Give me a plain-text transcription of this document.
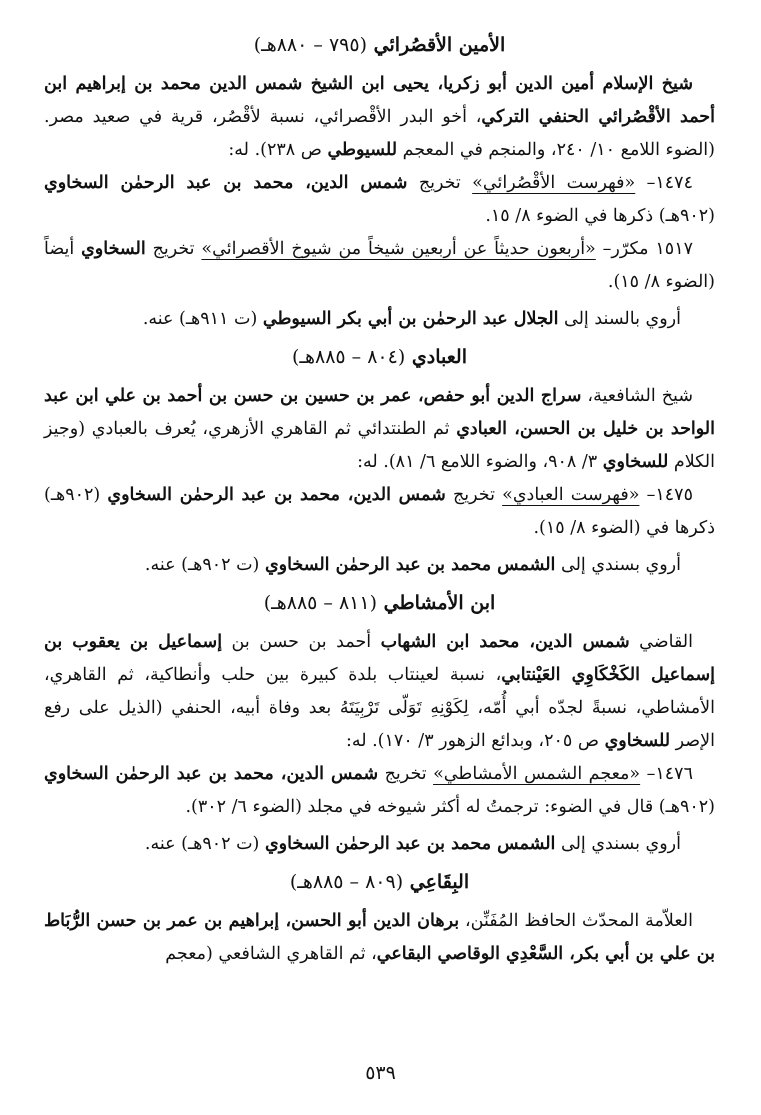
الأمين الأقصُرائي (٧٩٥ – ٨٨٠هـ)

شيخ الإسلام أمين الدين أبو زكريا، يحيى ابن الشيخ شمس الدين محمد بن إبراهيم ابن أحمد الأقْصُرائي الحنفي التركي، أخو البدر الأقْصرائي، نسبة لأقْصُر، قرية في صعيد مصر. (الضوء اللامع ١٠/ ٢٤٠، والمنجم في المعجم للسيوطي ص ٢٣٨). له:

١٤٧٤– «فهرست الأقْصُرائي» تخريج شمس الدين، محمد بن عبد الرحمٰن السخاوي (٩٠٢هـ) ذكرها في الضوء ٨/ ١٥.

١٥١٧ مكرّر– «أربعون حديثاً عن أربعين شيخاً من شيوخ الأقصرائي» تخريج السخاوي أيضاً (الضوء ٨/ ١٥).

أروي بالسند إلى الجلال عبد الرحمٰن بن أبي بكر السيوطي (ت ٩١١هـ) عنه.

العبادي (٨٠٤ – ٨٨٥هـ)

شيخ الشافعية، سراج الدين أبو حفص، عمر بن حسين بن حسن بن أحمد بن علي ابن عبد الواحد بن خليل بن الحسن، العبادي ثم الطنتدائي ثم القاهري الأزهري، يُعرف بالعبادي (وجيز الكلام للسخاوي ٣/ ٩٠٨، والضوء اللامع ٦/ ٨١). له:

١٤٧٥– «فهرست العبادي» تخريج شمس الدين، محمد بن عبد الرحمٰن السخاوي (٩٠٢هـ) ذكرها في (الضوء ٨/ ١٥).

أروي بسندي إلى الشمس محمد بن عبد الرحمٰن السخاوي (ت ٩٠٢هـ) عنه.

ابن الأمشاطي (٨١١ – ٨٨٥هـ)

القاضي شمس الدين، محمد ابن الشهاب أحمد بن حسن بن إسماعيل بن يعقوب بن إسماعيل الكَخْكَاوِي العَيْنتابي، نسبة لعينتاب بلدة كبيرة بين حلب وأنطاكية، ثم القاهري، الأمشاطي، نسبةً لجدّه أبي أُمّه، لِكَوْنِهِ تَوَلّى تَرْبِيَتَهُ بعد وفاة أبيه، الحنفي (الذيل على رفع الإصر للسخاوي ص ٢٠٥، وبدائع الزهور ٣/ ١٧٠). له:

١٤٧٦– «معجم الشمس الأمشاطي» تخريج شمس الدين، محمد بن عبد الرحمٰن السخاوي (٩٠٢هـ) قال في الضوء: ترجمتُ له أكثر شيوخه في مجلد (الضوء ٦/ ٣٠٢).

أروي بسندي إلى الشمس محمد بن عبد الرحمٰن السخاوي (ت ٩٠٢هـ) عنه.

البِقَاعِي (٨٠٩ – ٨٨٥هـ)

العلاّمة المحدّث الحافظ المُفَنِّن، برهان الدين أبو الحسن، إبراهيم بن عمر بن حسن الرُّبَاط بن علي بن أبي بكر، السَّعْدِي الوقاصي البقاعي، ثم القاهري الشافعي (معجم

٥٣٩
